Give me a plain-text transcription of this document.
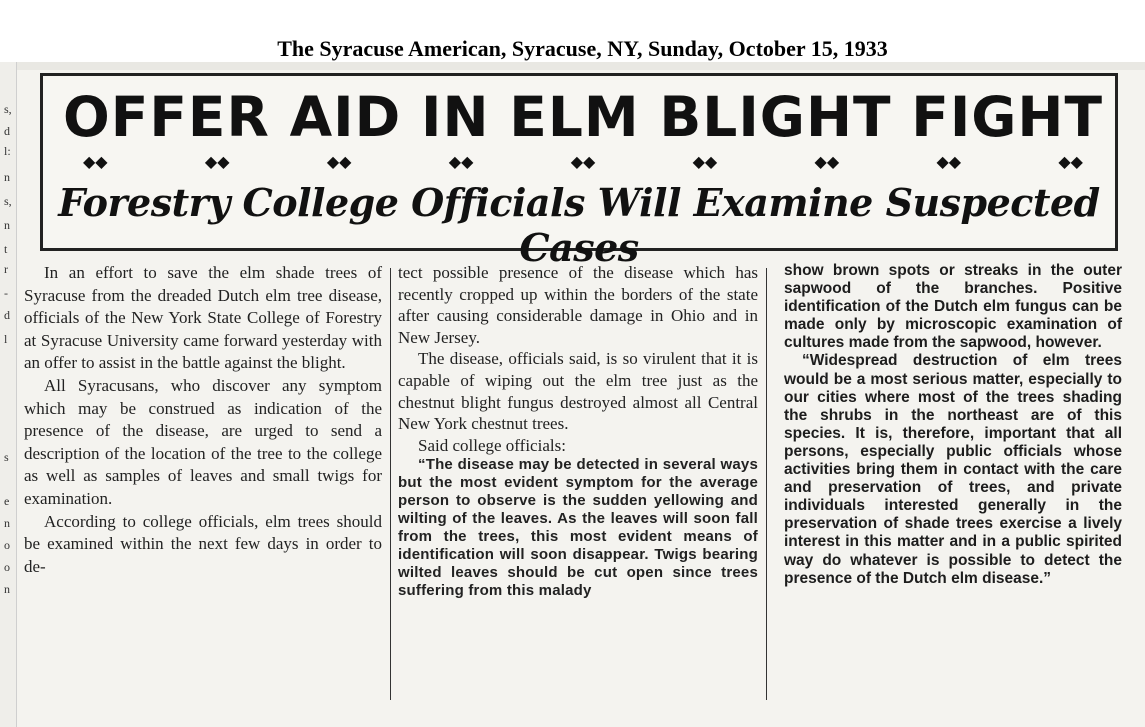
The Syracuse American, Syracuse, NY, Sunday, October 15, 1933
s,
d
l:
n
s,
n
t
r
-
d
l
s
e
n
o
o
n
OFFER AID IN ELM BLIGHT FIGHT
◆◆	◆◆	◆◆	◆◆	◆◆	◆◆	◆◆	◆◆	◆◆
Forestry College Officials Will Examine Suspected Cases

In an effort to save the elm shade trees of Syracuse from the dreaded Dutch elm tree disease, officials of the New York State College of Forestry at Syracuse University came forward yesterday with an offer to assist in the battle against the blight.

All Syracusans, who discover any symptom which may be construed as indication of the presence of the disease, are urged to send a description of the location of the tree to the college as well as samples of leaves and small twigs for examination.

According to college officials, elm trees should be examined within the next few days in order to de-

tect possible presence of the disease which has recently cropped up within the borders of the state after causing considerable damage in Ohio and in New Jersey.

The disease, officials said, is so virulent that it is capable of wiping out the elm tree just as the chestnut blight fungus destroyed almost all Central New York chestnut trees.

Said college officials:

“The disease may be detected in several ways but the most evident symptom for the average person to observe is the sudden yellowing and wilting of the leaves. As the leaves will soon fall from the trees, this most evident means of identification will soon disappear. Twigs bearing wilted leaves should be cut open since trees suffering from this malady

show brown spots or streaks in the outer sapwood of the branches. Positive identification of the Dutch elm fungus can be made only by microscopic examination of cultures made from the sapwood, however.

“Widespread destruction of elm trees would be a most serious matter, especially to our cities where most of the trees shading the shrubs in the northeast are of this species. It is, therefore, important that all persons, especially public officials whose activities bring them in contact with the care and preservation of trees, and private individuals interested generally in the preservation of shade trees exercise a lively interest in this matter and in a public spirited way do whatever is possible to detect the presence of the Dutch elm disease.”
